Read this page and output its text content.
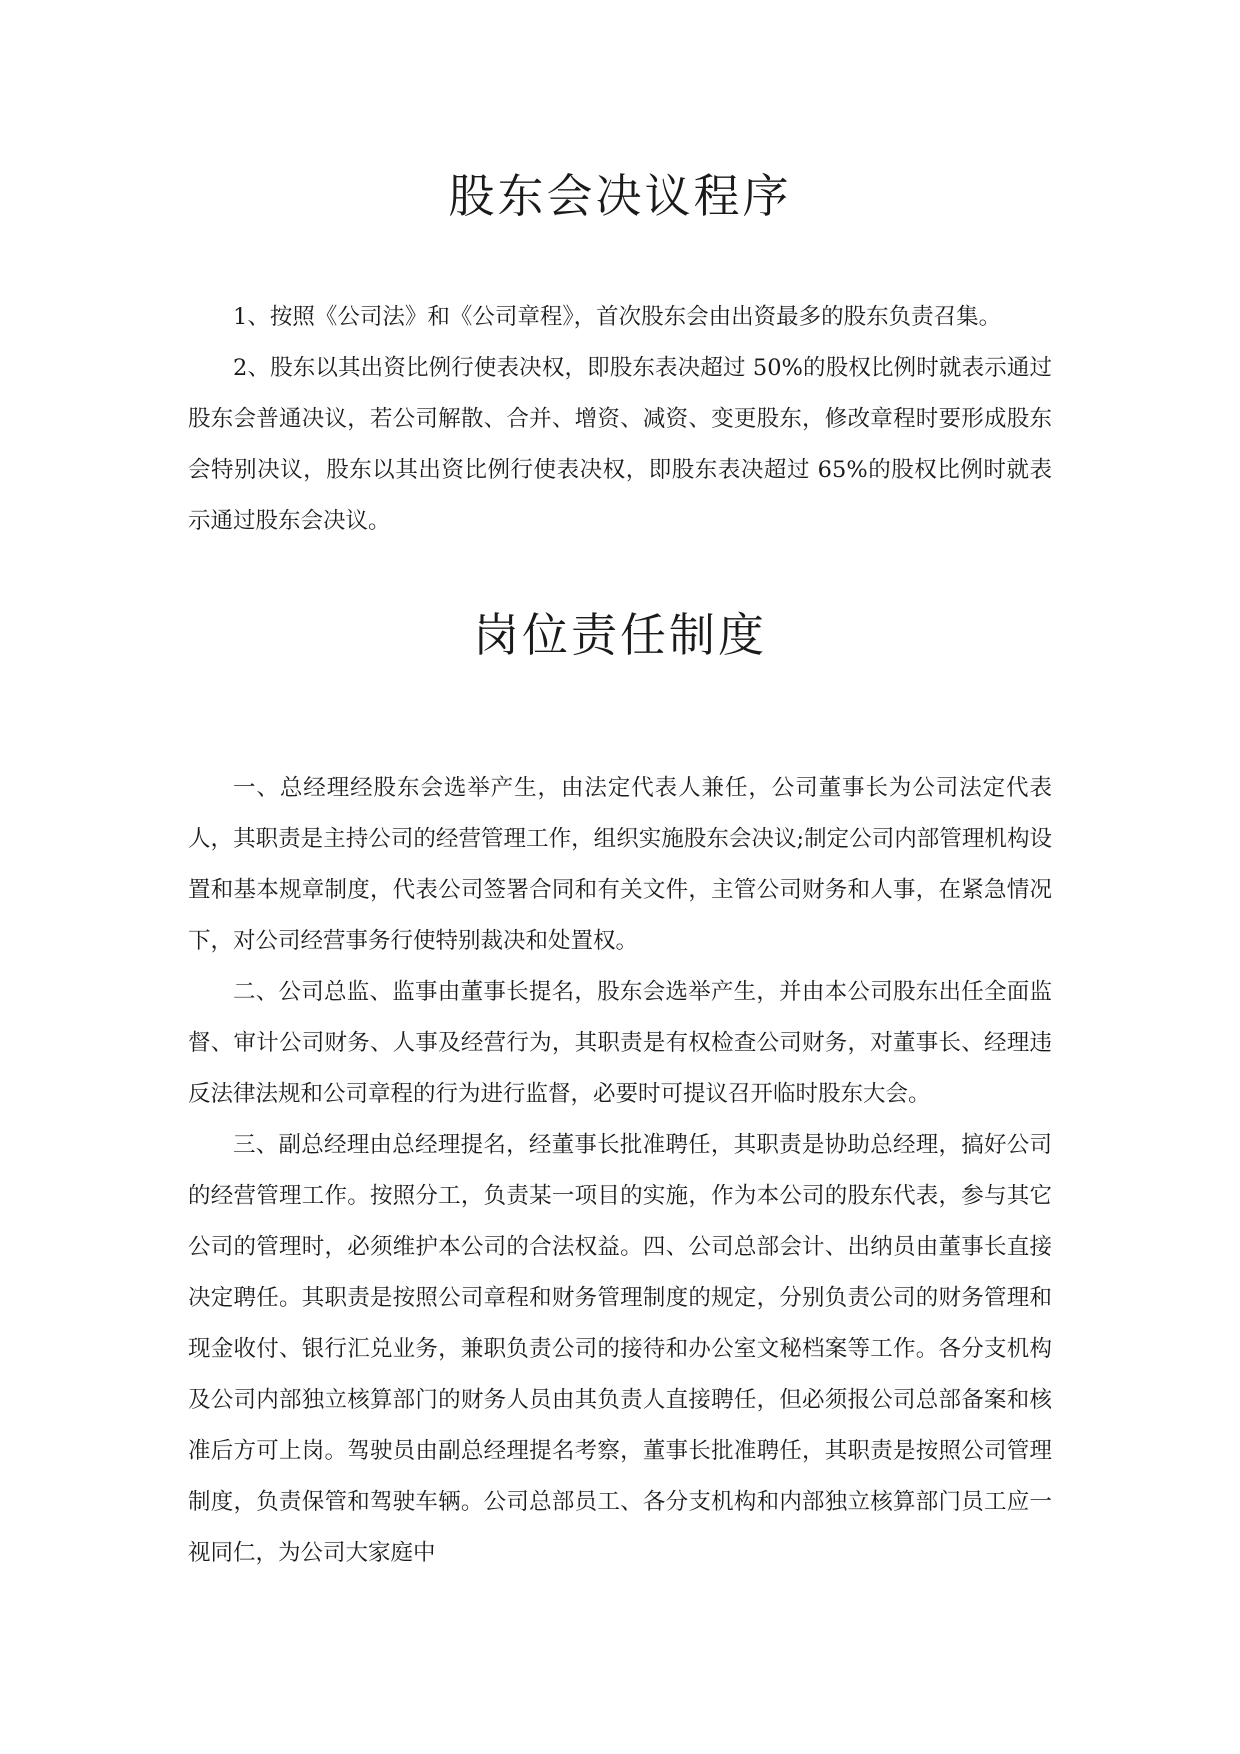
股东会决议程序

1、按照《公司法》和《公司章程》，首次股东会由出资最多的股东负责召集。

2、股东以其出资比例行使表决权，即股东表决超过 50%的股权比例时就表示通过股东会普通决议，若公司解散、合并、增资、减资、变更股东，修改章程时要形成股东会特别决议，股东以其出资比例行使表决权，即股东表决超过 65%的股权比例时就表示通过股东会决议。

岗位责任制度

一、总经理经股东会选举产生，由法定代表人兼任，公司董事长为公司法定代表人，其职责是主持公司的经营管理工作，组织实施股东会决议;制定公司内部管理机构设置和基本规章制度，代表公司签署合同和有关文件，主管公司财务和人事，在紧急情况下，对公司经营事务行使特别裁决和处置权。

二、公司总监、监事由董事长提名，股东会选举产生，并由本公司股东出任全面监督、审计公司财务、人事及经营行为，其职责是有权检查公司财务，对董事长、经理违反法律法规和公司章程的行为进行监督，必要时可提议召开临时股东大会。

三、副总经理由总经理提名，经董事长批准聘任，其职责是协助总经理，搞好公司的经营管理工作。按照分工，负责某一项目的实施，作为本公司的股东代表，参与其它公司的管理时，必须维护本公司的合法权益。四、公司总部会计、出纳员由董事长直接决定聘任。其职责是按照公司章程和财务管理制度的规定，分别负责公司的财务管理和现金收付、银行汇兑业务，兼职负责公司的接待和办公室文秘档案等工作。各分支机构及公司内部独立核算部门的财务人员由其负责人直接聘任，但必须报公司总部备案和核准后方可上岗。驾驶员由副总经理提名考察，董事长批准聘任，其职责是按照公司管理制度，负责保管和驾驶车辆。公司总部员工、各分支机构和内部独立核算部门员工应一视同仁，为公司大家庭中
